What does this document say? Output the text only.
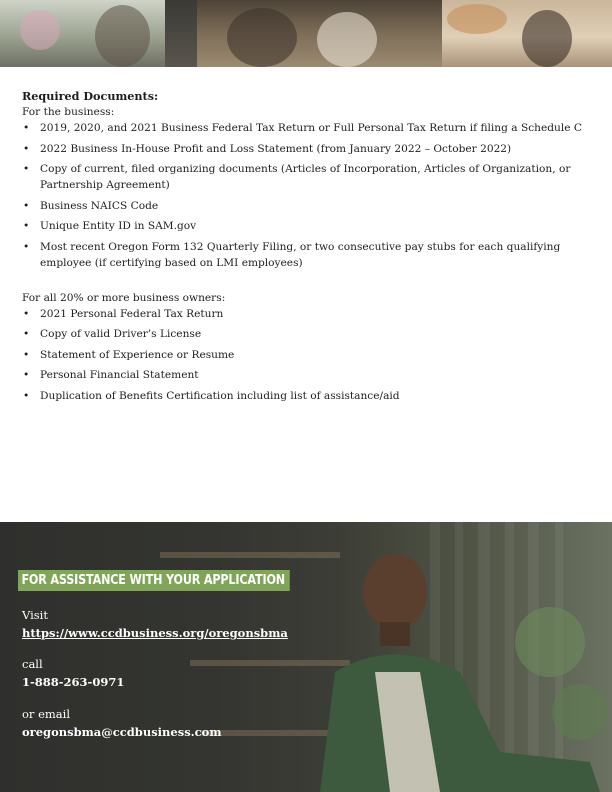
Required Documents:

For the business:

• 2019, 2020, and 2021 Business Federal Tax Return or Full Personal Tax Return if filing a Schedule C
• 2022 Business In-House Profit and Loss Statement (from January 2022 – October 2022)
• Copy of current, filed organizing documents (Articles of Incorporation, Articles of Organization, or Partnership Agreement)
• Business NAICS Code
• Unique Entity ID in SAM.gov
• Most recent Oregon Form 132 Quarterly Filing, or two consecutive pay stubs for each qualifying employee (if certifying based on LMI employees)

For all 20% or more business owners:

• 2021 Personal Federal Tax Return
• Copy of valid Driver’s License
• Statement of Experience or Resume
• Personal Financial Statement
• Duplication of Benefits Certification including list of assistance/aid
FOR ASSISTANCE WITH YOUR APPLICATION
Visit
https://www.ccdbusiness.org/oregonsbma
call
1-888-263-0971
or email
oregonsbma@ccdbusiness.com
